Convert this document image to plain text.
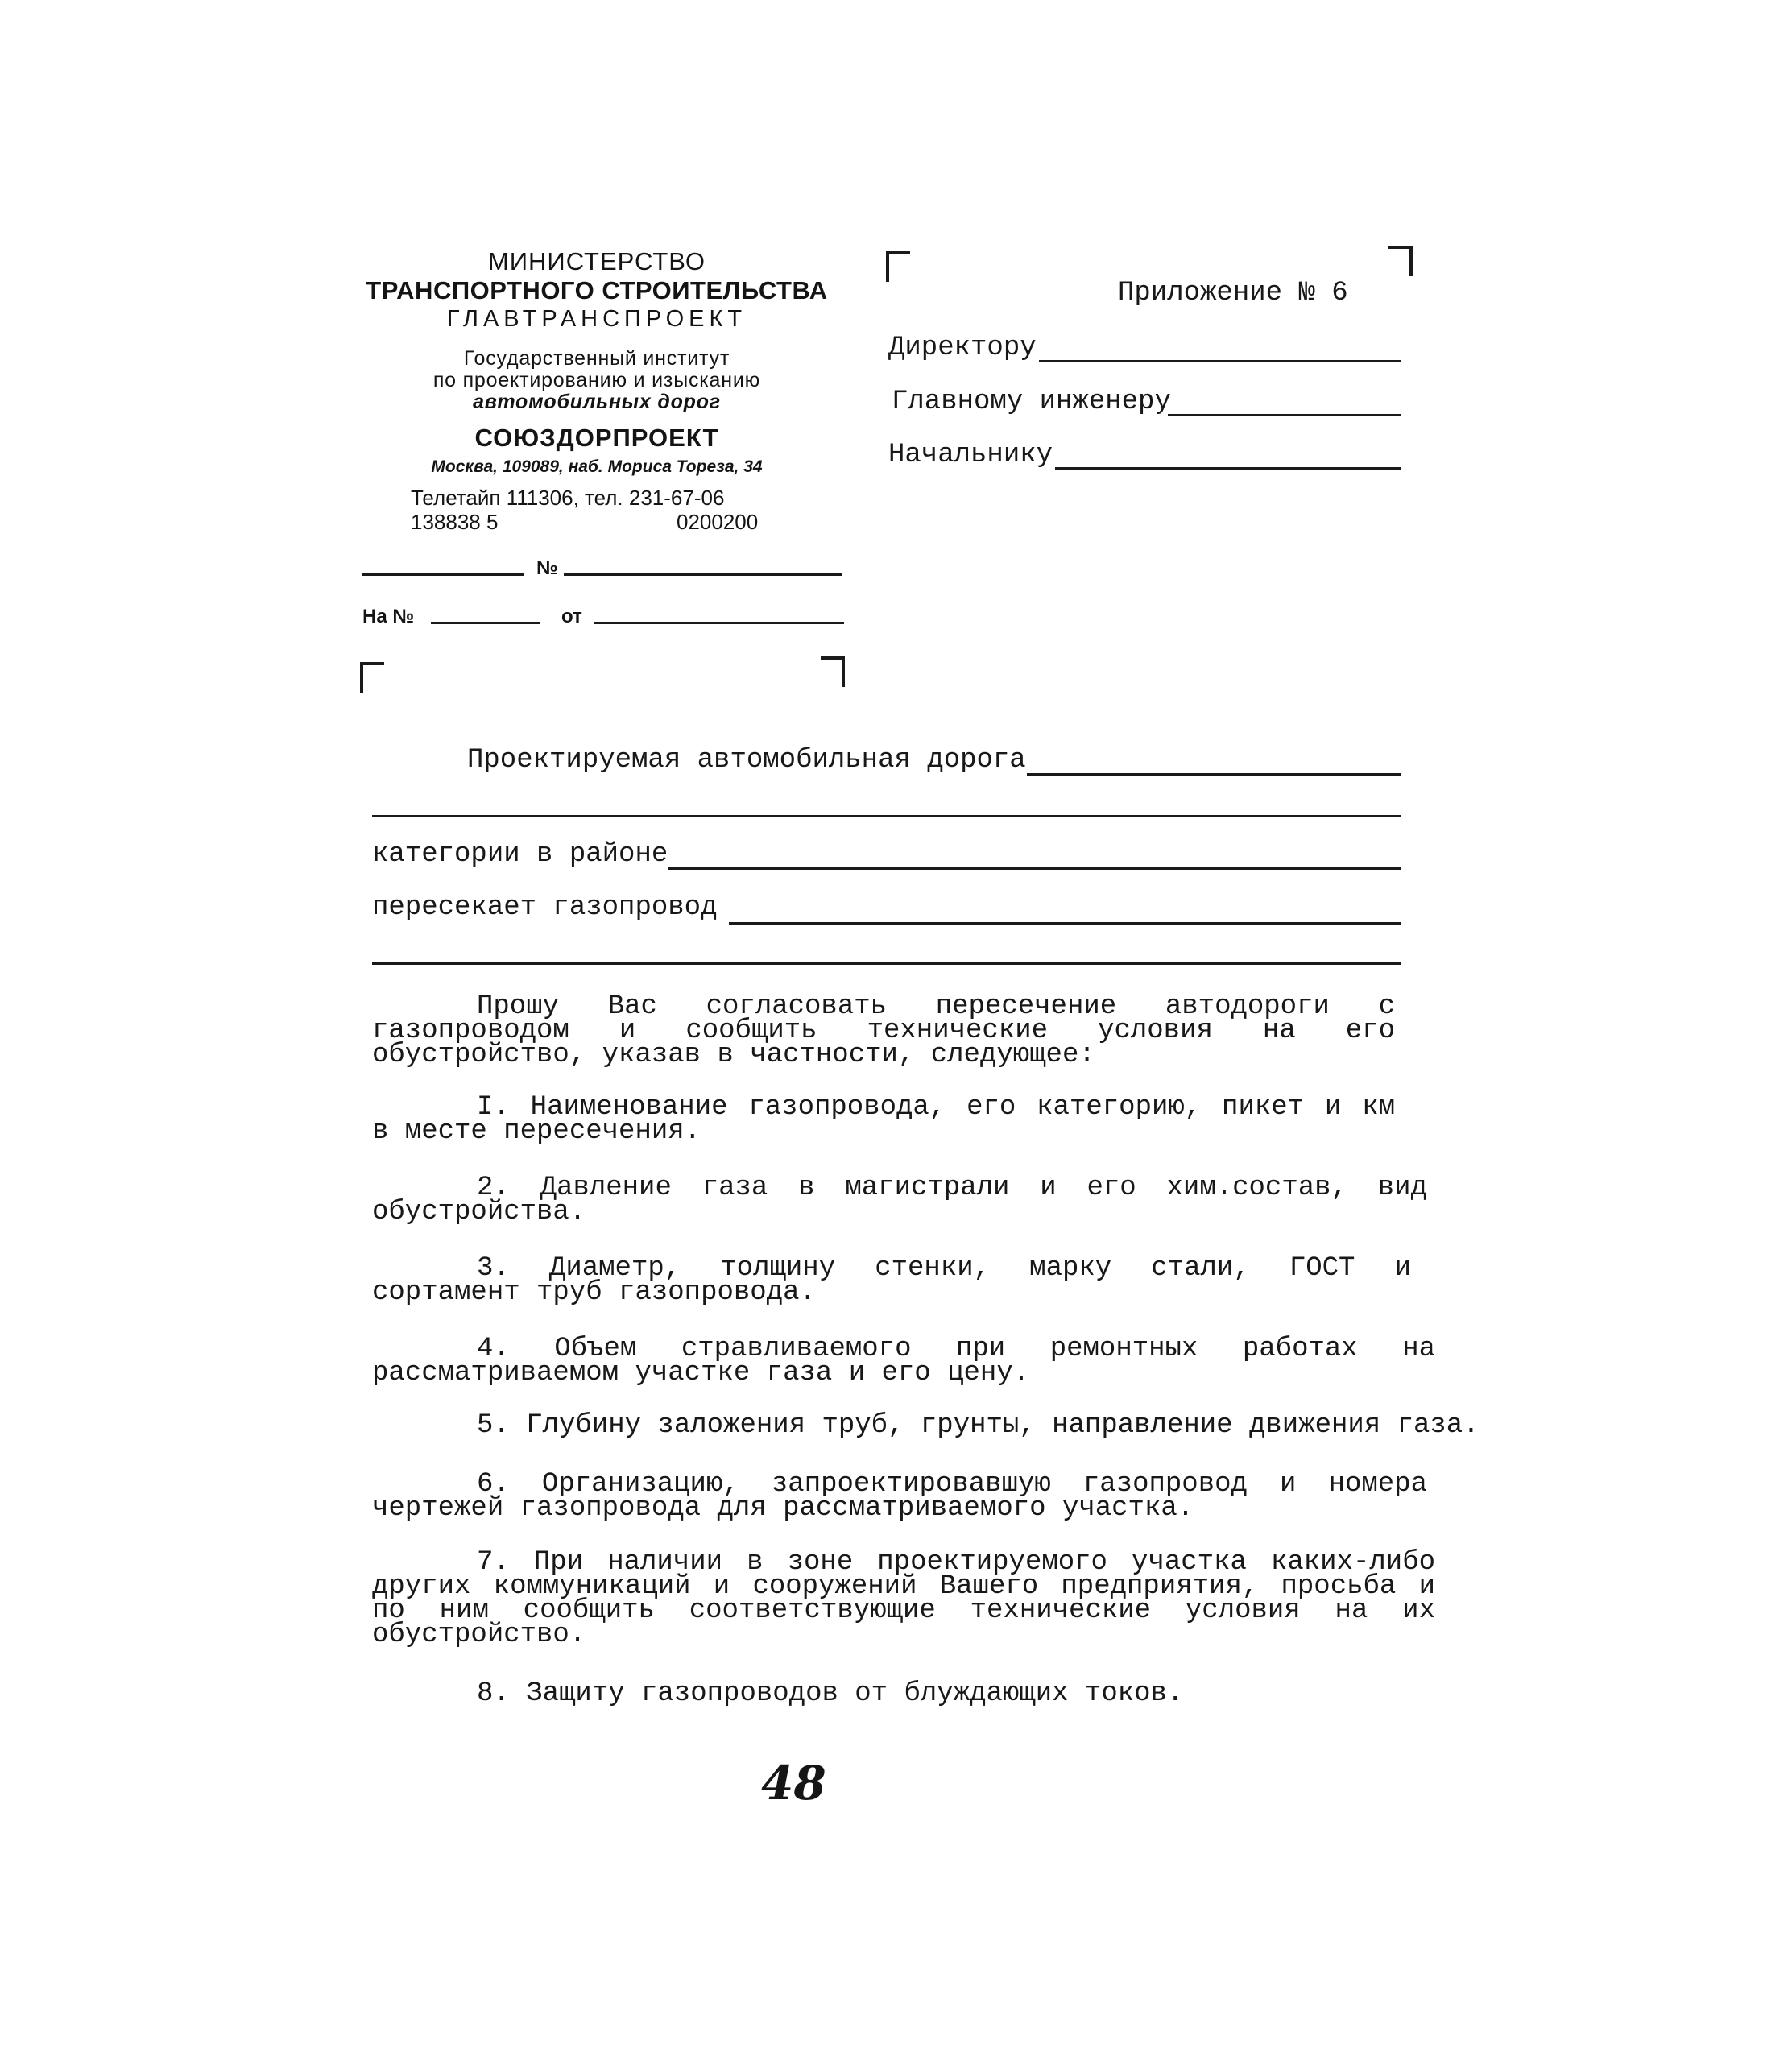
МИНИСТЕРСТВО
ТРАНСПОРТНОГО СТРОИТЕЛЬСТВА
ГЛАВТРАНСПРОЕКТ
Государственный институт
по проектированию и изысканию
автомобильных дорог
СОЮЗДОРПРОЕКТ
Москва, 109089, наб. Мориса Тореза, 34
Телетайп 111306, тел. 231-67-06
138838 5	0200200
№
На №	от
Приложение № 6
Директору
Главному инженеру
Начальнику
Проектируемая автомобильная дорога
категории в районе
пересекает газопровод
Прошу Вас согласовать пересечение автодороги с газопроводом и сообщить технические условия на его обустройство, указав в частности, следующее:
I. Наименование газопровода, его категорию, пикет и км в месте пересечения.
2. Давление газа в магистрали и его хим.состав, вид обустройства.
3. Диаметр, толщину стенки, марку стали, ГОСТ и сортамент труб газопровода.
4. Объем стравливаемого при ремонтных работах на рассматриваемом участке газа и его цену.
5. Глубину заложения труб, грунты, направление движения газа.
6. Организацию, запроектировавшую газопровод и номера чертежей газопровода для рассматриваемого участка.
7. При наличии в зоне проектируемого участка каких-либо других коммуникаций и сооружений Вашего предприятия, просьба и по ним сообщить соответствующие технические условия на их обустройство.
8. Защиту газопроводов от блуждающих токов.
48
